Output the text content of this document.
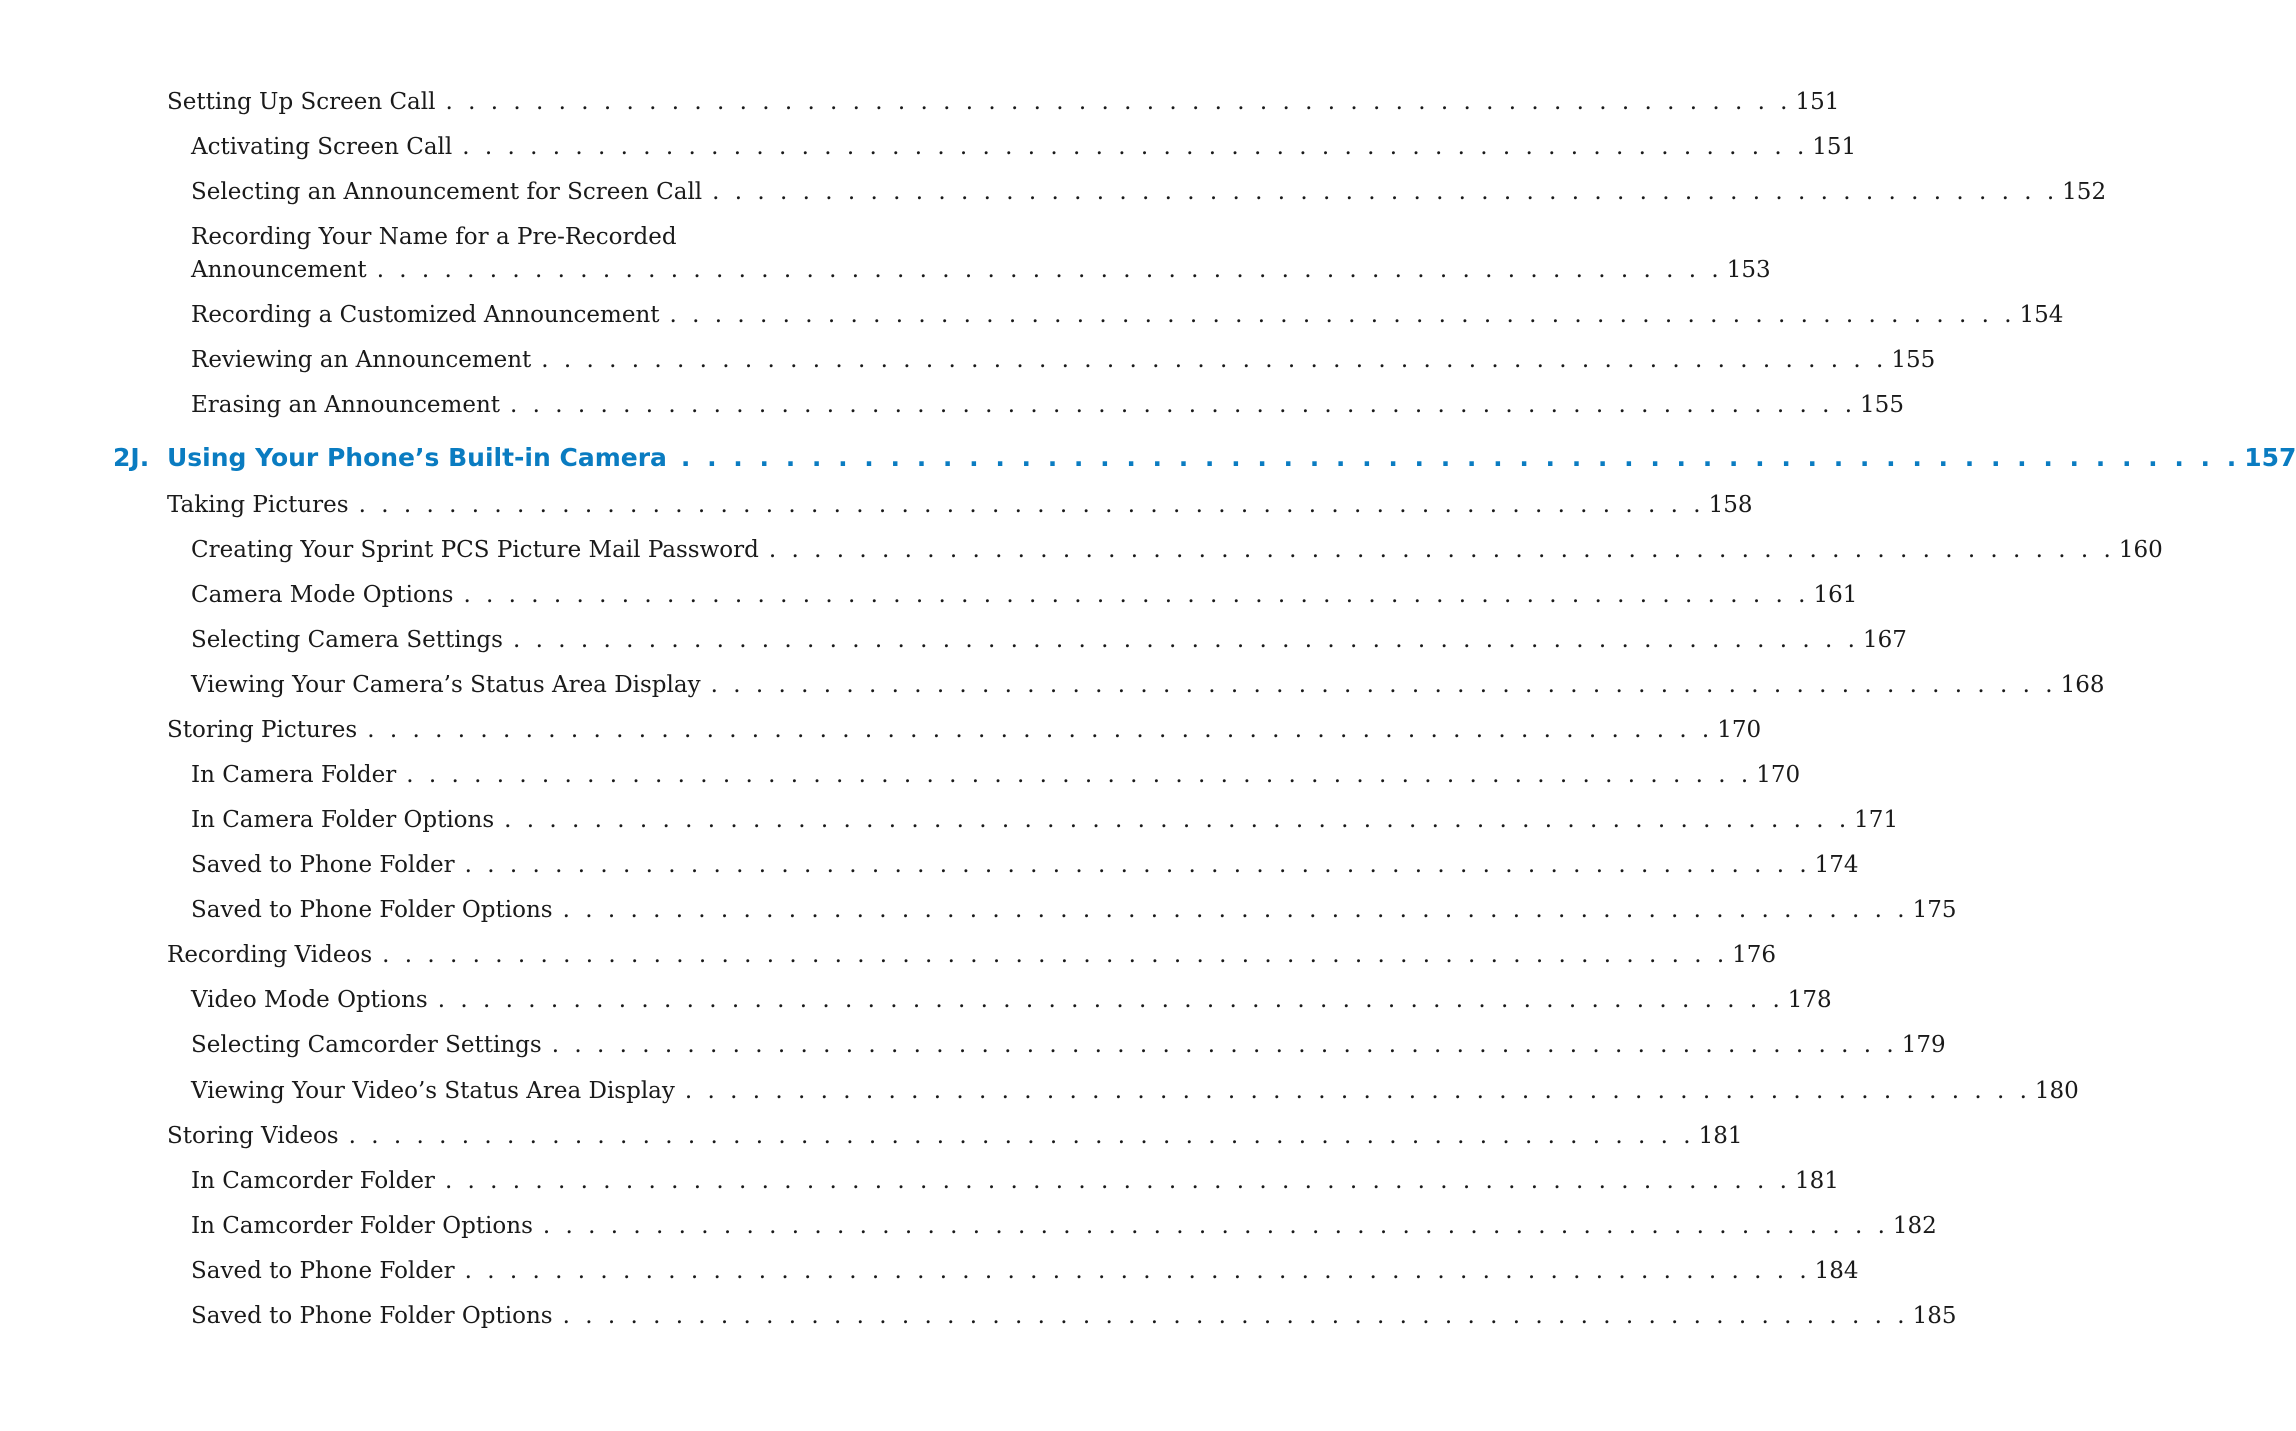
Setting Up Screen Call . . . . . . . . . . . . . . . . . . . . . . . . . . . . . . . . . . . . . . . . . . . . . . . . . . . . . . . . . . . . 151
Activating Screen Call . . . . . . . . . . . . . . . . . . . . . . . . . . . . . . . . . . . . . . . . . . . . . . . . . . . . . . . . . . . . 151
Selecting an Announcement for Screen Call . . . . . . . . . . . . . . . . . . . . . . . . . . . . . . . . . . . . . . . . . . . . . . . . . . . . . . . . . . . . 152
Recording Your Name for a Pre-Recorded
Announcement . . . . . . . . . . . . . . . . . . . . . . . . . . . . . . . . . . . . . . . . . . . . . . . . . . . . . . . . . . . . 153
Recording a Customized Announcement . . . . . . . . . . . . . . . . . . . . . . . . . . . . . . . . . . . . . . . . . . . . . . . . . . . . . . . . . . . . 154
Reviewing an Announcement . . . . . . . . . . . . . . . . . . . . . . . . . . . . . . . . . . . . . . . . . . . . . . . . . . . . . . . . . . . . 155
Erasing an Announcement . . . . . . . . . . . . . . . . . . . . . . . . . . . . . . . . . . . . . . . . . . . . . . . . . . . . . . . . . . . . 155
2J. Using Your Phone’s Built-in Camera . . . . . . . . . . . . . . . . . . . . . . . . . . . . . . . . . . . . . . . . . . . . . . . . . . . . . . . . . . . . 157
Taking Pictures . . . . . . . . . . . . . . . . . . . . . . . . . . . . . . . . . . . . . . . . . . . . . . . . . . . . . . . . . . . . 158
Creating Your Sprint PCS Picture Mail Password . . . . . . . . . . . . . . . . . . . . . . . . . . . . . . . . . . . . . . . . . . . . . . . . . . . . . . . . . . . . 160
Camera Mode Options . . . . . . . . . . . . . . . . . . . . . . . . . . . . . . . . . . . . . . . . . . . . . . . . . . . . . . . . . . . . 161
Selecting Camera Settings . . . . . . . . . . . . . . . . . . . . . . . . . . . . . . . . . . . . . . . . . . . . . . . . . . . . . . . . . . . . 167
Viewing Your Camera’s Status Area Display . . . . . . . . . . . . . . . . . . . . . . . . . . . . . . . . . . . . . . . . . . . . . . . . . . . . . . . . . . . . 168
Storing Pictures . . . . . . . . . . . . . . . . . . . . . . . . . . . . . . . . . . . . . . . . . . . . . . . . . . . . . . . . . . . . 170
In Camera Folder . . . . . . . . . . . . . . . . . . . . . . . . . . . . . . . . . . . . . . . . . . . . . . . . . . . . . . . . . . . . 170
In Camera Folder Options . . . . . . . . . . . . . . . . . . . . . . . . . . . . . . . . . . . . . . . . . . . . . . . . . . . . . . . . . . . . 171
Saved to Phone Folder . . . . . . . . . . . . . . . . . . . . . . . . . . . . . . . . . . . . . . . . . . . . . . . . . . . . . . . . . . . . 174
Saved to Phone Folder Options . . . . . . . . . . . . . . . . . . . . . . . . . . . . . . . . . . . . . . . . . . . . . . . . . . . . . . . . . . . . 175
Recording Videos . . . . . . . . . . . . . . . . . . . . . . . . . . . . . . . . . . . . . . . . . . . . . . . . . . . . . . . . . . . . 176
Video Mode Options . . . . . . . . . . . . . . . . . . . . . . . . . . . . . . . . . . . . . . . . . . . . . . . . . . . . . . . . . . . . 178
Selecting Camcorder Settings . . . . . . . . . . . . . . . . . . . . . . . . . . . . . . . . . . . . . . . . . . . . . . . . . . . . . . . . . . . . 179
Viewing Your Video’s Status Area Display . . . . . . . . . . . . . . . . . . . . . . . . . . . . . . . . . . . . . . . . . . . . . . . . . . . . . . . . . . . . 180
Storing Videos . . . . . . . . . . . . . . . . . . . . . . . . . . . . . . . . . . . . . . . . . . . . . . . . . . . . . . . . . . . . 181
In Camcorder Folder . . . . . . . . . . . . . . . . . . . . . . . . . . . . . . . . . . . . . . . . . . . . . . . . . . . . . . . . . . . . 181
In Camcorder Folder Options . . . . . . . . . . . . . . . . . . . . . . . . . . . . . . . . . . . . . . . . . . . . . . . . . . . . . . . . . . . . 182
Saved to Phone Folder . . . . . . . . . . . . . . . . . . . . . . . . . . . . . . . . . . . . . . . . . . . . . . . . . . . . . . . . . . . . 184
Saved to Phone Folder Options . . . . . . . . . . . . . . . . . . . . . . . . . . . . . . . . . . . . . . . . . . . . . . . . . . . . . . . . . . . . 185
